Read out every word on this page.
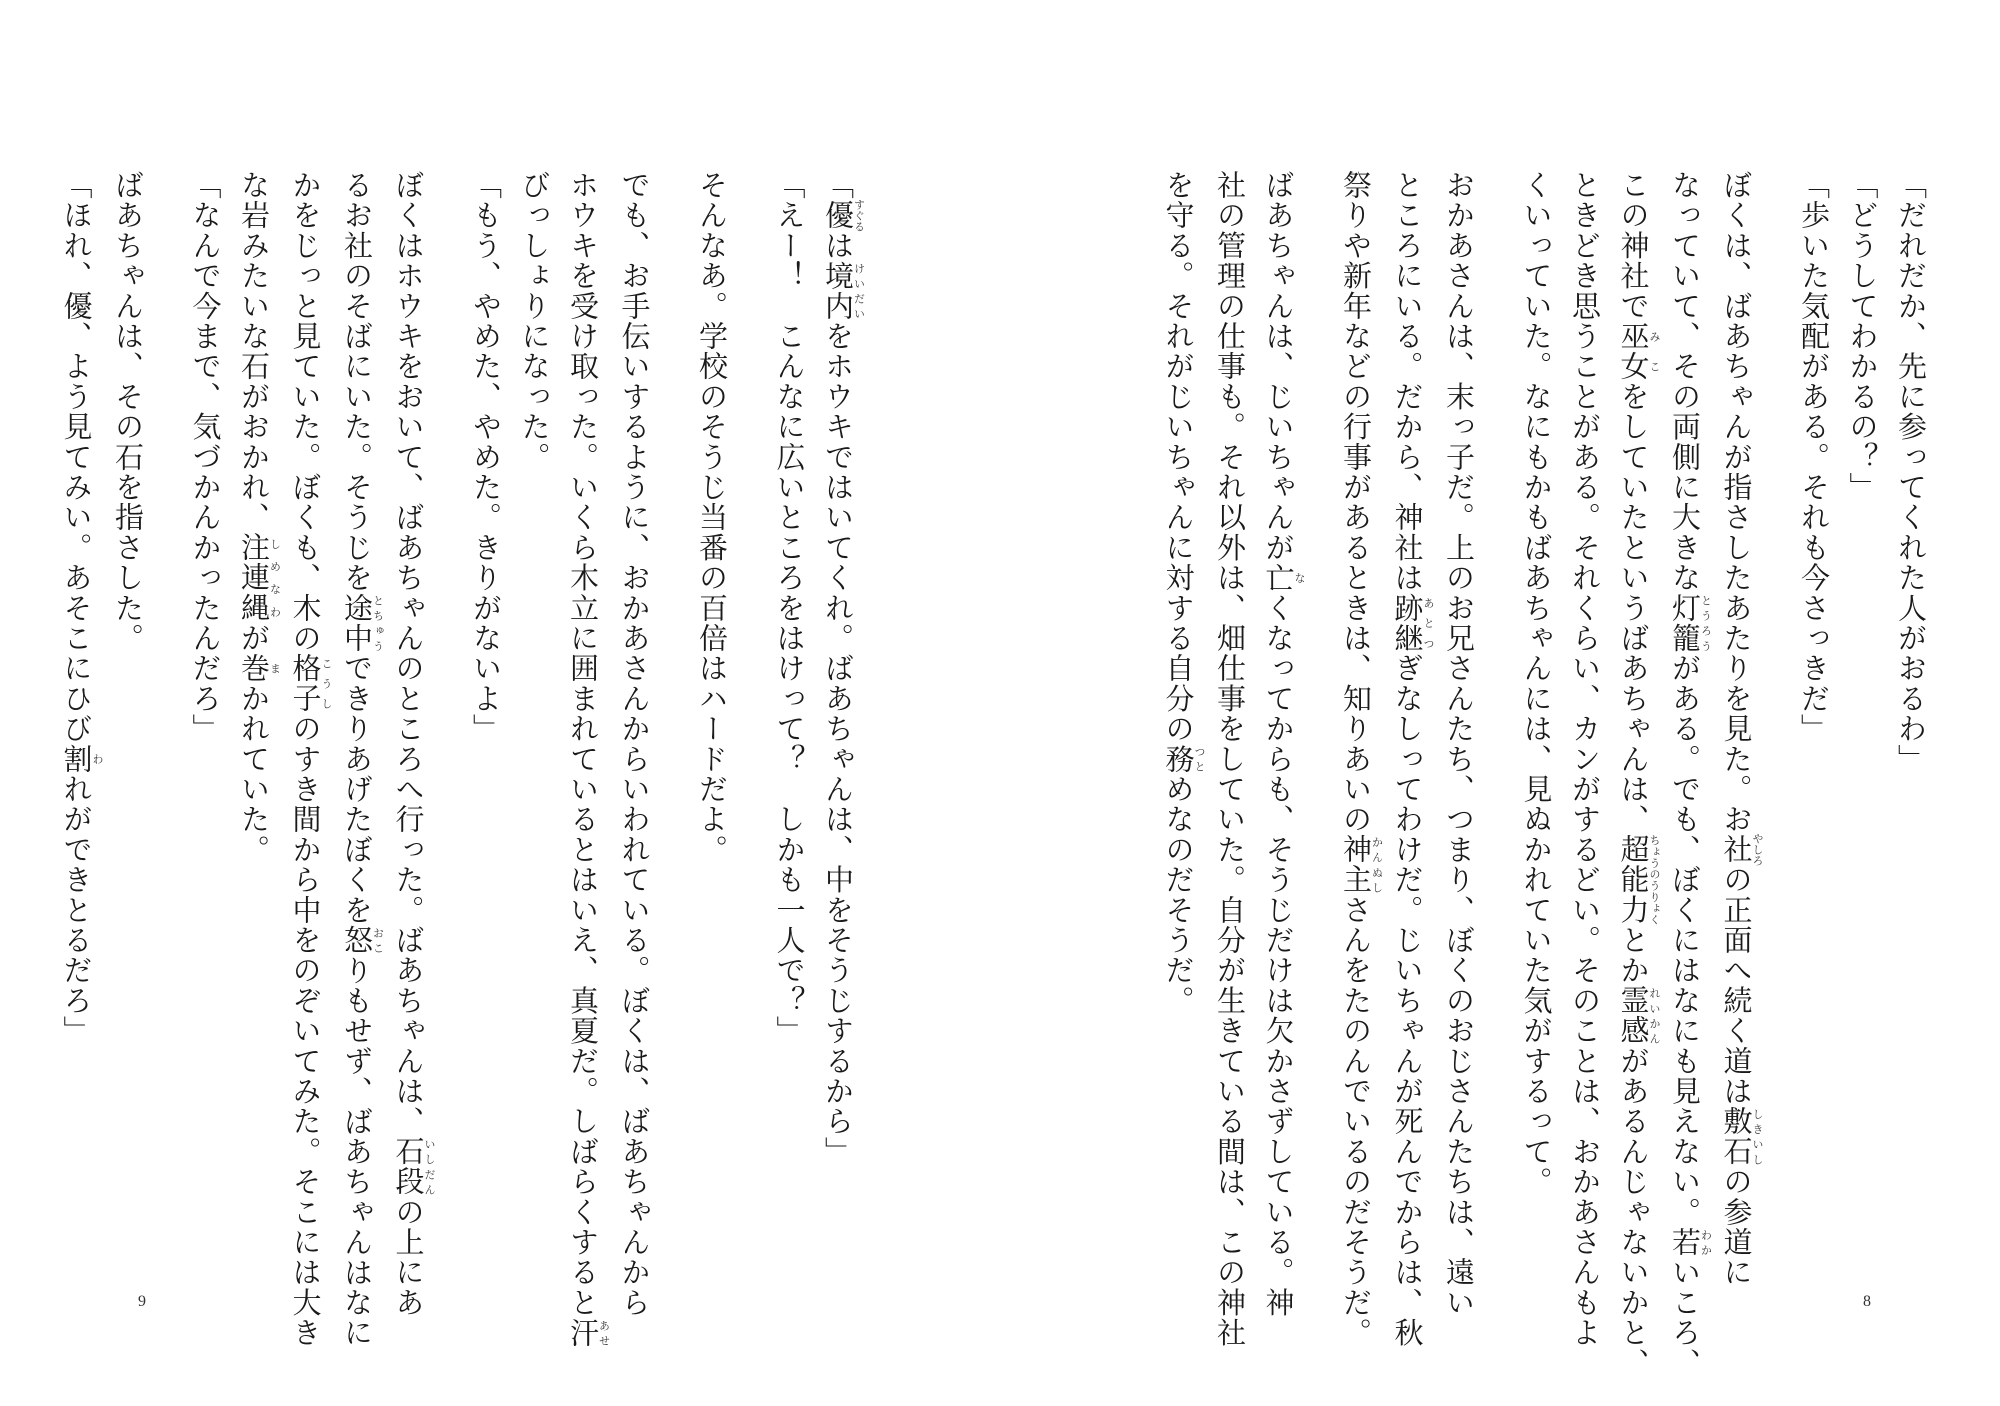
「だれだか、先に参ってくれた人がおるわ」
「どうしてわかるの？」
「歩いた気配がある。それも今さっきだ」
ぼくは、ばあちゃんが指さしたあたりを見た。お社やしろの正面へ続く道は敷石しきいしの参道に
なっていて、その両側に大きな灯籠とうろうがある。でも、ぼくにはなにも見えない。若わかいころ、
この神社で巫女みこをしていたというばあちゃんは、超能力ちょうのうりょくとか霊感れいかんがあるんじゃないかと、
ときどき思うことがある。それくらい、カンがするどい。そのことは、おかあさんもよ
くいっていた。なにもかもばあちゃんには、見ぬかれていた気がするって。
おかあさんは、末っ子だ。上のお兄さんたち、つまり、ぼくのおじさんたちは、遠い
ところにいる。だから、神社は跡継あとつぎなしってわけだ。じいちゃんが死んでからは、秋
祭りや新年などの行事があるときは、知りあいの神主かんぬしさんをたのんでいるのだそうだ。
ばあちゃんは、じいちゃんが亡なくなってからも、そうじだけは欠かさずしている。神
社の管理の仕事も。それ以外は、畑仕事をしていた。自分が生きている間は、この神社
を守る。それがじいちゃんに対する自分の務つとめなのだそうだ。
8
「優すぐるは境内けいだいをホウキではいてくれ。ばあちゃんは、中をそうじするから」
「えー！　こんなに広いところをはけって？　しかも一人で？」
そんなあ。学校のそうじ当番の百倍はハードだよ。
でも、お手伝いするように、おかあさんからいわれている。ぼくは、ばあちゃんから
ホウキを受け取った。いくら木立に囲まれているとはいえ、真夏だ。しばらくすると汗あせ
びっしょりになった。
「もう、やめた、やめた。きりがないよ」
ぼくはホウキをおいて、ばあちゃんのところへ行った。ばあちゃんは、石段いしだんの上にあ
るお社のそばにいた。そうじを途中とちゅうできりあげたぼくを怒おこりもせず、ばあちゃんはなに
かをじっと見ていた。ぼくも、木の格子こうしのすき間から中をのぞいてみた。そこには大き
な岩みたいな石がおかれ、注連縄しめなわが巻まかれていた。
「なんで今まで、気づかんかったんだろ」
ばあちゃんは、その石を指さした。
「ほれ、優、よう見てみい。あそこにひび割われができとるだろ」
9
